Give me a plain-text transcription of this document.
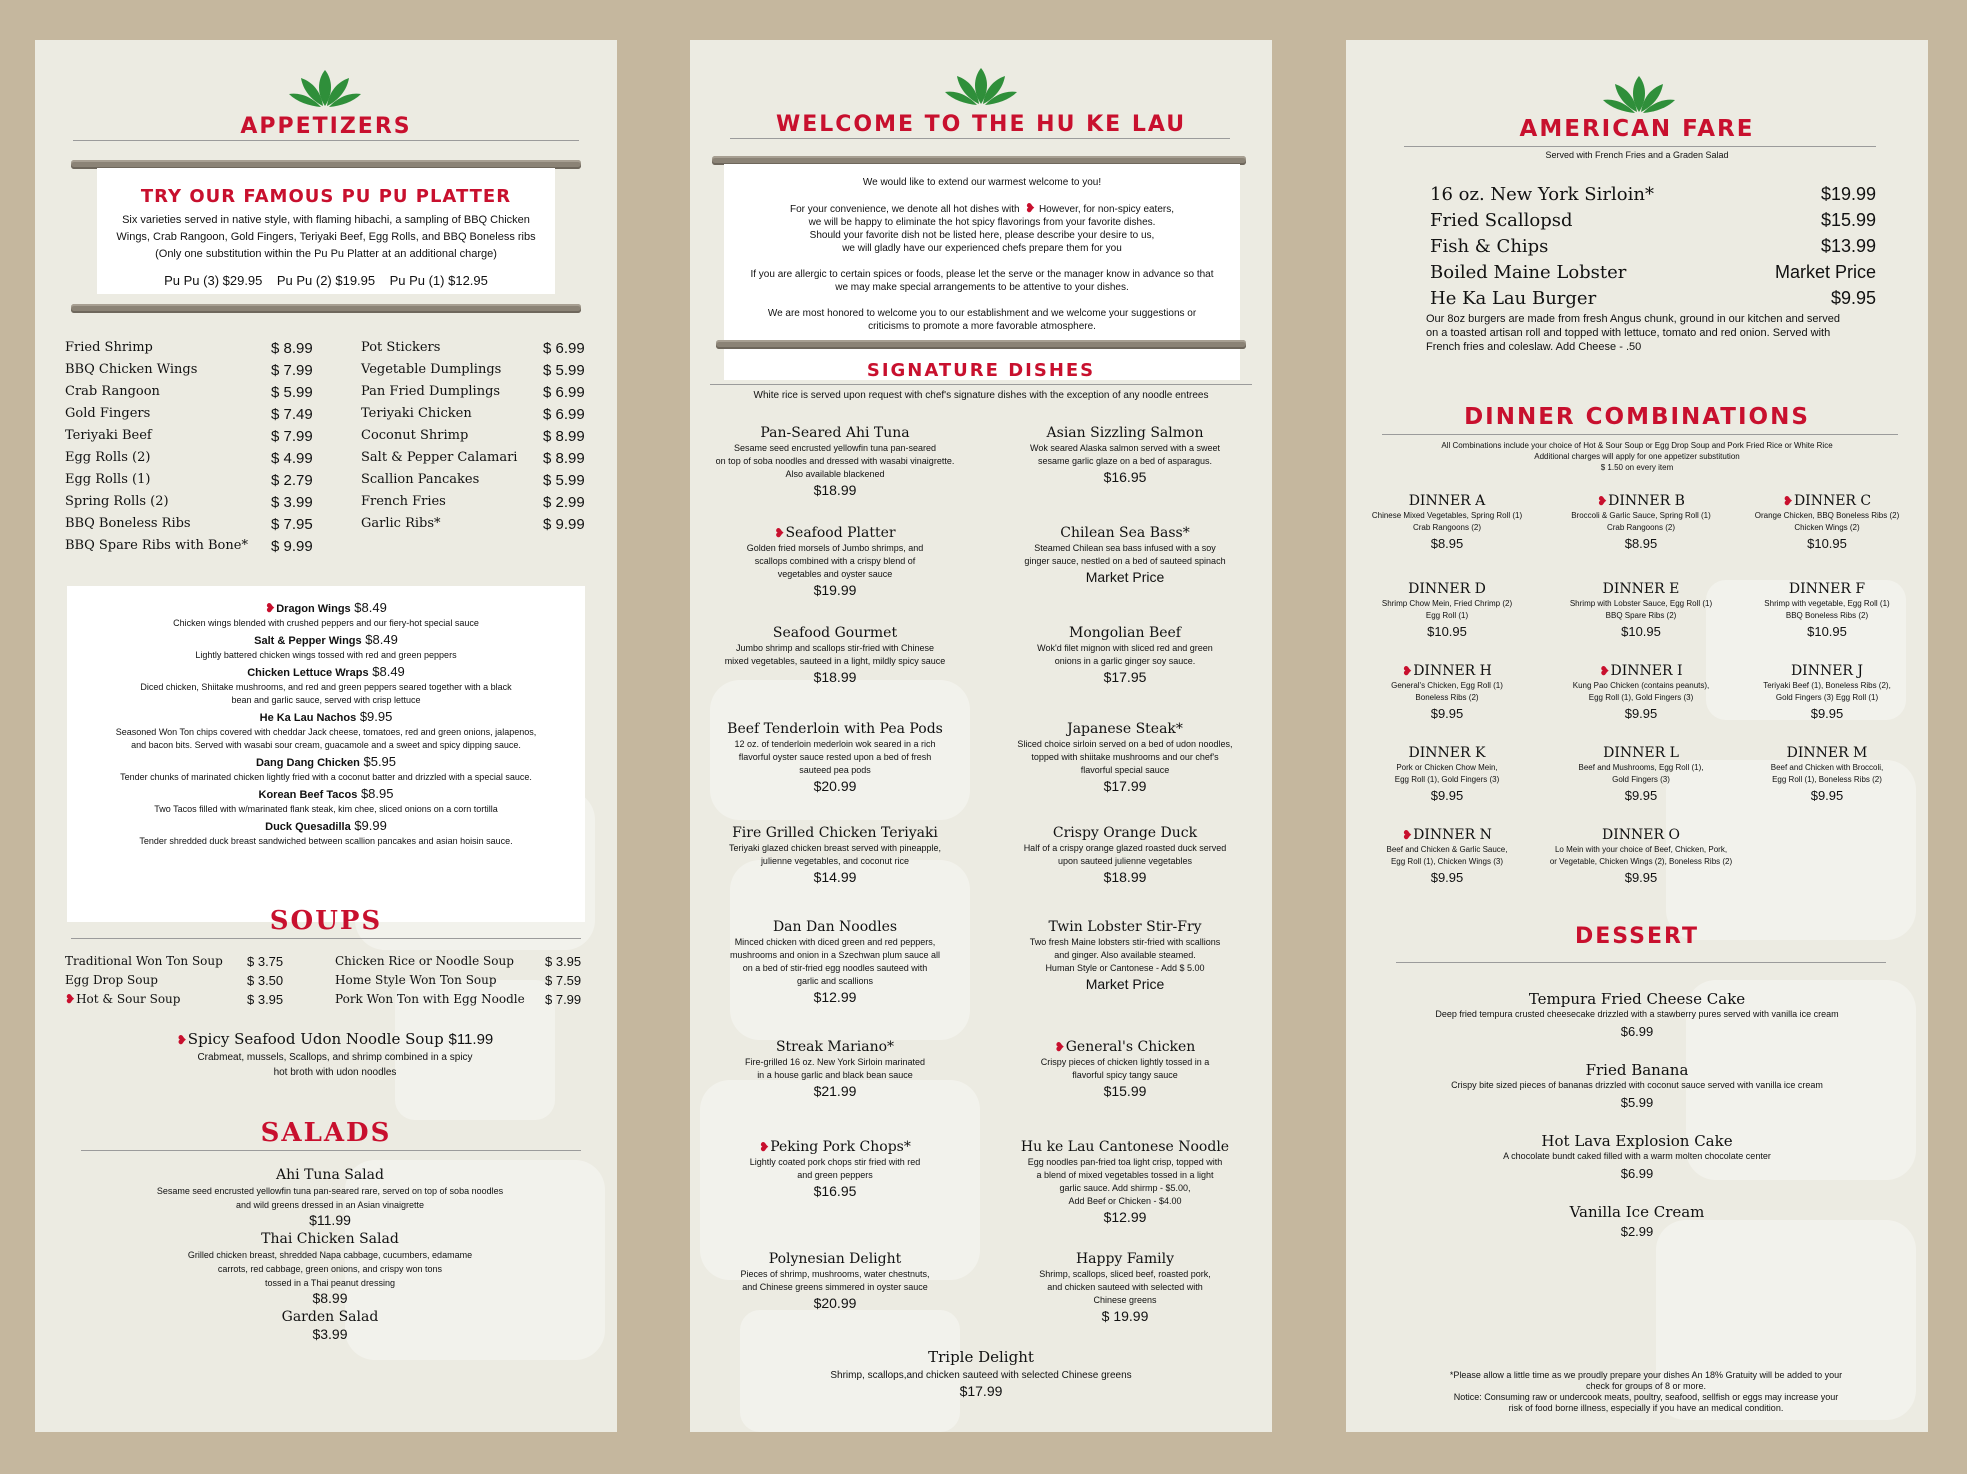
APPETIZERS
TRY OUR FAMOUS PU PU PLATTER
Six varieties served in native style, with flaming hibachi, a sampling of BBQ Chicken
Wings, Crab Rangoon, Gold Fingers, Teriyaki Beef, Egg Rolls, and BBQ Boneless ribs
(Only one substitution within the Pu Pu Platter at an additional charge)
Pu Pu (3) $29.95    Pu Pu (2) $19.95    Pu Pu (1) $12.95
❥Dragon Wings $8.49
Chicken wings blended with crushed peppers and our fiery-hot special sauce
Salt & Pepper Wings $8.49
Lightly battered chicken wings tossed with red and green peppers
Chicken Lettuce Wraps $8.49
Diced chicken, Shiitake mushrooms, and red and green peppers seared together with a black
bean and garlic sauce, served with crisp lettuce
He Ka Lau Nachos $9.95
Seasoned Won Ton chips covered with cheddar Jack cheese, tomatoes, red and green onions, jalapenos,
and bacon bits. Served with wasabi sour cream, guacamole and a sweet and spicy dipping sauce.
Dang Dang Chicken $5.95
Tender chunks of marinated chicken lightly fried with a coconut batter and drizzled with a special sauce.
Korean Beef Tacos $8.95
Two Tacos filled with w/marinated flank steak, kim chee, sliced onions on a corn tortilla
Duck Quesadilla $9.99
Tender shredded duck breast sandwiched between scallion pancakes and asian hoisin sauce.
SOUPS
❥Spicy Seafood Udon Noodle Soup $11.99
Crabmeat, mussels, Scallops, and shrimp combined in a spicy
hot broth with udon noodles
SALADS
Ahi Tuna Salad
Sesame seed encrusted yellowfin tuna pan-seared rare, served on top of soba noodles
and wild greens dressed in an Asian vinaigrette
$11.99
Thai Chicken Salad
Grilled chicken breast, shredded Napa cabbage, cucumbers, edamame
carrots, red cabbage, green onions, and crispy won tons
tossed in a Thai peanut dressing
$8.99
Garden Salad
$3.99
Fried Shrimp	$ 8.99
BBQ Chicken Wings	$ 7.99
Crab Rangoon	$ 5.99
Gold Fingers	$ 7.49
Teriyaki Beef	$ 7.99
Egg Rolls (2)	$ 4.99
Egg Rolls (1)	$ 2.79
Spring Rolls (2)	$ 3.99
BBQ Boneless Ribs	$ 7.95
BBQ Spare Ribs with Bone* $ 9.99
Pot Stickers	$ 6.99
Vegetable Dumplings	$ 5.99
Pan Fried Dumplings	$ 6.99
Teriyaki Chicken	$ 6.99
Coconut Shrimp	$ 8.99
Salt & Pepper Calamari $ 8.99
Scallion Pancakes	$ 5.99
French Fries	$ 2.99
Garlic Ribs*	$ 9.99
Traditional Won Ton Soup $ 3.75
Egg Drop Soup	$ 3.50
❥Hot & Sour Soup	$ 3.95
Chicken Rice or Noodle Soup $ 3.95
Home Style Won Ton Soup	$ 7.59
Pork Won Ton with Egg Noodle $ 7.99
WELCOME TO THE HU KE LAU
We would like to extend our warmest welcome to you!
For your convenience, we denote all hot dishes with  ❥ However, for non-spicy eaters,
we will be happy to eliminate the hot spicy flavorings from your favorite dishes.
Should your favorite dish not be listed here, please describe your desire to us,
we will gladly have our experienced chefs prepare them for you
If you are allergic to certain spices or foods, please let the serve or the manager know in advance so that
we may make special arrangements to be attentive to your dishes.
We are most honored to welcome you to our establishment and we welcome your suggestions or
criticisms to promote a more favorable atmosphere.
SIGNATURE DISHES
White rice is served upon request with chef's signature dishes with the exception of any noodle entrees
Triple Delight
Shrimp, scallops,and chicken sauteed with selected Chinese greens
$17.99
Pan-Seared Ahi Tuna
Sesame seed encrusted yellowfin tuna pan-seared
on top of soba noodles and dressed with wasabi vinaigrette.
Also available blackened
$18.99
❥Seafood Platter
Golden fried morsels of Jumbo shrimps, and
scallops combined with a crispy blend of
vegetables and oyster sauce
$19.99
Seafood Gourmet
Jumbo shrimp and scallops stir-fried with Chinese
mixed vegetables, sauteed in a light, mildly spicy sauce
$18.99
Beef Tenderloin with Pea Pods
12 oz. of tenderloin mederloin wok seared in a rich
flavorful oyster sauce rested upon a bed of fresh
sauteed pea pods
$20.99
Fire Grilled Chicken Teriyaki
Teriyaki glazed chicken breast served with pineapple,
julienne vegetables, and coconut rice
$14.99
Dan Dan Noodles
Minced chicken with diced green and red peppers,
mushrooms and onion in a Szechwan plum sauce all
on a bed of stir-fried egg noodles sauteed with
garlic and scallions
$12.99
Streak Mariano*
Fire-grilled 16 oz. New York Sirloin marinated
in a house garlic and black bean sauce
$21.99
❥Peking Pork Chops*
Lightly coated pork chops stir fried with red
and green peppers
$16.95
Polynesian Delight
Pieces of shrimp, mushrooms, water chestnuts,
and Chinese greens simmered in oyster sauce
$20.99
Asian Sizzling Salmon
Wok seared Alaska salmon served with a sweet
sesame garlic glaze on a bed of asparagus.
$16.95
Chilean Sea Bass*
Steamed Chilean sea bass infused with a soy
ginger sauce, nestled on a bed of sauteed spinach
Market Price
Mongolian Beef
Wok'd filet mignon with sliced red and green
onions in a garlic ginger soy sauce.
$17.95
Japanese Steak*
Sliced choice sirloin served on a bed of udon noodles,
topped with shiitake mushrooms and our chef's
flavorful special sauce
$17.99
Crispy Orange Duck
Half of a crispy orange glazed roasted duck served
upon sauteed julienne vegetables
$18.99
Twin Lobster Stir-Fry
Two fresh Maine lobsters stir-fried with scallions
and ginger. Also available steamed.
Human Style or Cantonese - Add $ 5.00
Market Price
❥General's Chicken
Crispy pieces of chicken lightly tossed in a
flavorful spicy tangy sauce
$15.99
Hu ke Lau Cantonese Noodle
Egg noodles pan-fried toa light crisp, topped with
a blend of mixed vegetables tossed in a light
garlic sauce. Add shirmp - $5.00,
Add Beef or Chicken - $4.00
$12.99
Happy Family
Shrimp, scallops, sliced beef, roasted pork,
and chicken sauteed with selected with
Chinese greens
$ 19.99
AMERICAN FARE
Served with French Fries and a Graden Salad
Our 8oz burgers are made from fresh Angus chunk, ground in our kitchen and served
on a toasted artisan roll and topped with lettuce, tomato and red onion. Served with
French fries and coleslaw. Add Cheese - .50
DINNER COMBINATIONS
All Combinations include your choice of Hot & Sour Soup or Egg Drop Soup and Pork Fried Rice or White Rice
Additional charges will apply for one appetizer substitution
$ 1.50 on every item
DESSERT
Tempura Fried Cheese Cake
Deep fried tempura crusted cheesecake drizzled with a stawberry pures served with vanilla ice cream
$6.99
Fried Banana
Crispy bite sized pieces of bananas drizzled with coconut sauce served with vanilla ice cream
$5.99
Hot Lava Explosion Cake
A chocolate bundt caked filled with a warm molten chocolate center
$6.99
Vanilla Ice Cream
$2.99
*Please allow a little time as we proudly prepare your dishes An 18% Gratuity will be added to your
check for groups of 8 or more.
Notice: Consuming raw or undercook meats, poultry, seafood, sellfish or eggs may increase your
risk of food borne illness, especially if you have an medical condition.
16 oz. New York Sirloin*	$19.99
Fried Scallopsd	$15.99
Fish & Chips	$13.99
Boiled Maine Lobster	Market Price
He Ka Lau Burger	$9.95
DINNER A
Chinese Mixed Vegetables, Spring Roll (1)
Crab Rangoons (2)
$8.95
❥DINNER B
Broccoli & Garlic Sauce, Spring Roll (1)
Crab Rangoons (2)
$8.95
❥DINNER C
Orange Chicken, BBQ Boneless Ribs (2)
Chicken Wings (2)
$10.95
DINNER D
Shrimp Chow Mein, Fried Chrimp (2)
Egg Roll (1)
$10.95
DINNER E
Shrimp with Lobster Sauce, Egg Roll (1)
BBQ Spare Ribs (2)
$10.95
DINNER F
Shrimp with vegetable, Egg Roll (1)
BBQ Boneless Ribs (2)
$10.95
❥DINNER H
General's Chicken, Egg Roll (1)
Boneless Ribs (2)
$9.95
❥DINNER I
Kung Pao Chicken (contains peanuts),
Egg Roll (1), Gold Fingers (3)
$9.95
DINNER J
Teriyaki Beef (1), Boneless Ribs (2),
Gold Fingers (3) Egg Roll (1)
$9.95
DINNER K
Pork or Chicken Chow Mein,
Egg Roll (1), Gold Fingers (3)
$9.95
DINNER L
Beef and Mushrooms, Egg Roll (1),
Gold Fingers (3)
$9.95
DINNER M
Beef and Chicken with Broccoli,
Egg Roll (1), Boneless Ribs (2)
$9.95
❥DINNER N
Beef and Chicken & Garlic Sauce,
Egg Roll (1), Chicken Wings (3)
$9.95
DINNER O
Lo Mein with your choice of Beef, Chicken, Pork,
or Vegetable, Chicken Wings (2), Boneless Ribs (2)
$9.95
